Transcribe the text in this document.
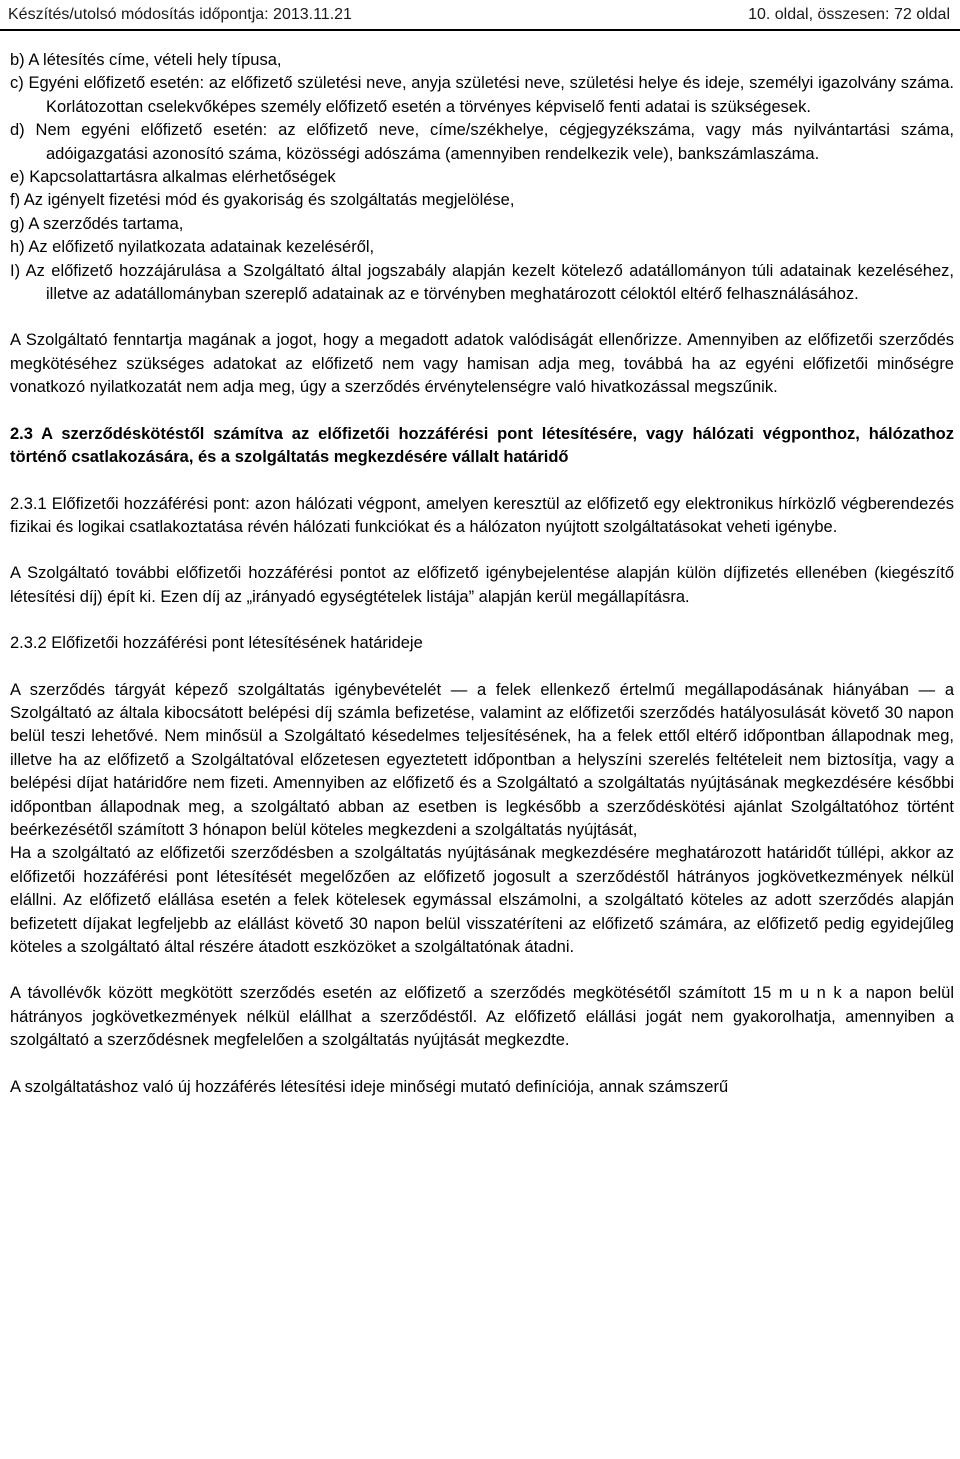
Készítés/utolsó módosítás időpontja: 2013.11.21	10. oldal, összesen: 72 oldal

b) A létesítés címe, vételi hely típusa,

c) Egyéni előfizető esetén: az előfizető születési neve, anyja születési neve, születési helye és ideje, személyi igazolvány száma. Korlátozottan cselekvőképes személy előfizető esetén a törvényes képviselő fenti adatai is szükségesek.

d) Nem egyéni előfizető esetén: az előfizető neve, címe/székhelye, cégjegyzékszáma, vagy más nyilvántartási száma, adóigazgatási azonosító száma, közösségi adószáma (amennyiben rendelkezik vele), bankszámlaszáma.

e) Kapcsolattartásra alkalmas elérhetőségek

f) Az igényelt fizetési mód és gyakoriság és szolgáltatás megjelölése,

g) A szerződés tartama,

h) Az előfizető nyilatkozata adatainak kezeléséről,

I) Az előfizető hozzájárulása a Szolgáltató által jogszabály alapján kezelt kötelező adatállományon túli adatainak kezeléséhez, illetve az adatállományban szereplő adatainak az e törvényben meghatározott céloktól eltérő felhasználásához.

A Szolgáltató fenntartja magának a jogot, hogy a megadott adatok valódiságát ellenőrizze. Amennyiben az előfizetői szerződés megkötéséhez szükséges adatokat az előfizető nem vagy hamisan adja meg, továbbá ha az egyéni előfizetői minőségre vonatkozó nyilatkozatát nem adja meg, úgy a szerződés érvénytelenségre való hivatkozással megszűnik.

2.3 A szerződéskötéstől számítva az előfizetői hozzáférési pont létesítésére, vagy hálózati végponthoz, hálózathoz történő csatlakozására, és a szolgáltatás megkezdésére vállalt határidő

2.3.1 Előfizetői hozzáférési pont: azon hálózati végpont, amelyen keresztül az előfizető egy elektronikus hírközlő végberendezés fizikai és logikai csatlakoztatása révén hálózati funkciókat és a hálózaton nyújtott szolgáltatásokat veheti igénybe.

A Szolgáltató további előfizetői hozzáférési pontot az előfizető igénybejelentése alapján külön díjfizetés ellenében (kiegészítő létesítési díj) épít ki. Ezen díj az „irányadó egységtételek listája” alapján kerül megállapításra.

2.3.2 Előfizetői hozzáférési pont létesítésének határideje

A szerződés tárgyát képező szolgáltatás igénybevételét — a felek ellenkező értelmű megállapodásának hiányában — a Szolgáltató az általa kibocsátott belépési díj számla befizetése, valamint az előfizetői szerződés hatályosulását követő 30 napon belül teszi lehetővé. Nem minősül a Szolgáltató késedelmes teljesítésének, ha a felek ettől eltérő időpontban állapodnak meg, illetve ha az előfizető a Szolgáltatóval előzetesen egyeztetett időpontban a helyszíni szerelés feltételeit nem biztosítja, vagy a belépési díjat határidőre nem fizeti. Amennyiben az előfizető és a Szolgáltató a szolgáltatás nyújtásának megkezdésére későbbi időpontban állapodnak meg, a szolgáltató abban az esetben is legkésőbb a szerződéskötési ajánlat Szolgáltatóhoz történt beérkezésétől számított 3 hónapon belül köteles megkezdeni a szolgáltatás nyújtását,

Ha a szolgáltató az előfizetői szerződésben a szolgáltatás nyújtásának megkezdésére meghatározott határidőt túllépi, akkor az előfizetői hozzáférési pont létesítését megelőzően az előfizető jogosult a szerződéstől hátrányos jogkövetkezmények nélkül elállni. Az előfizető elállása esetén a felek kötelesek egymással elszámolni, a szolgáltató köteles az adott szerződés alapján befizetett díjakat legfeljebb az elállást követő 30 napon belül visszatéríteni az előfizető számára, az előfizető pedig egyidejűleg köteles a szolgáltató által részére átadott eszközöket a szolgáltatónak átadni.

A távollévők között megkötött szerződés esetén az előfizető a szerződés megkötésétől számított 15 m u n k a napon belül hátrányos jogkövetkezmények nélkül elállhat a szerződéstől. Az előfizető elállási jogát nem gyakorolhatja, amennyiben a szolgáltató a szerződésnek megfelelően a szolgáltatás nyújtását megkezdte.

A szolgáltatáshoz való új hozzáférés létesítési ideje minőségi mutató definíciója, annak számszerű
